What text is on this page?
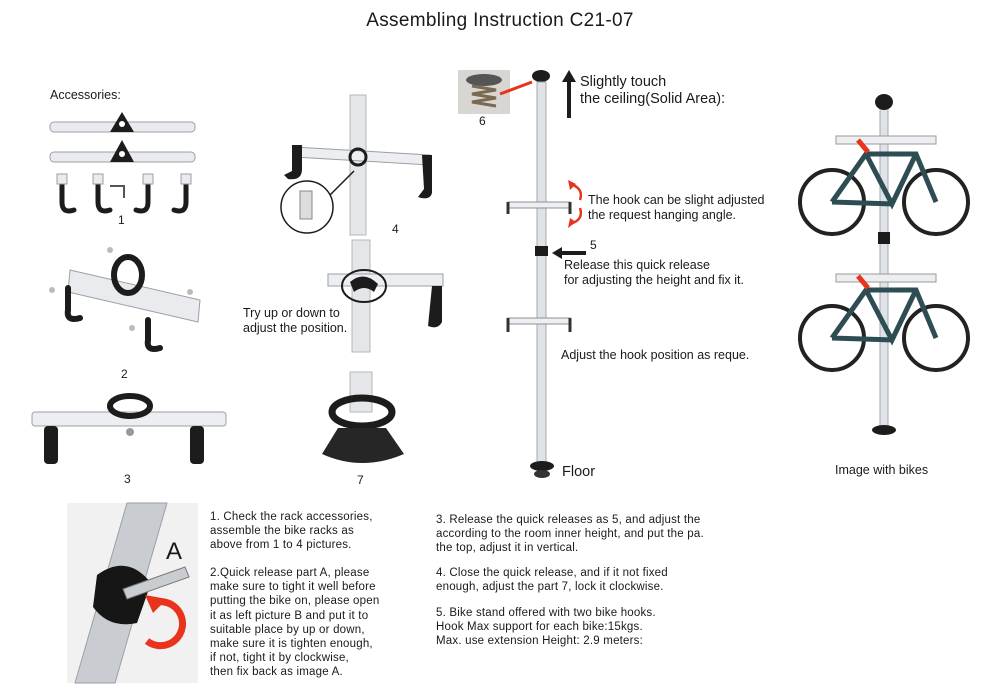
Assembling Instruction C21-07
Accessories:
1
2
3
4
Try up or down to
adjust the position.
7
6
Slightly touch
the ceiling(Solid Area):
The hook can be slight adjusted
the request hanging angle.
5
Release this quick release
for adjusting the height and fix it.
Adjust the hook position as reque.
Floor	Image with bikes
A
1. Check the rack accessories,
assemble the bike racks as
above from 1 to 4 pictures.
2.Quick release part A, please
make sure to tight it well before
putting the bike on, please open
it as left picture B and put it to
suitable place by up or down,
make sure it is tighten enough,
if not, tight it by clockwise,
then fix back as image A.
3. Release the quick releases as 5, and adjust the
according to the room inner height, and put the pa.
the top, adjust it in vertical.
4. Close the quick release, and if it not fixed
enough, adjust the part 7, lock it clockwise.
5. Bike stand offered with two bike hooks.
Hook Max support for each bike:15kgs.
Max. use extension Height: 2.9 meters:
